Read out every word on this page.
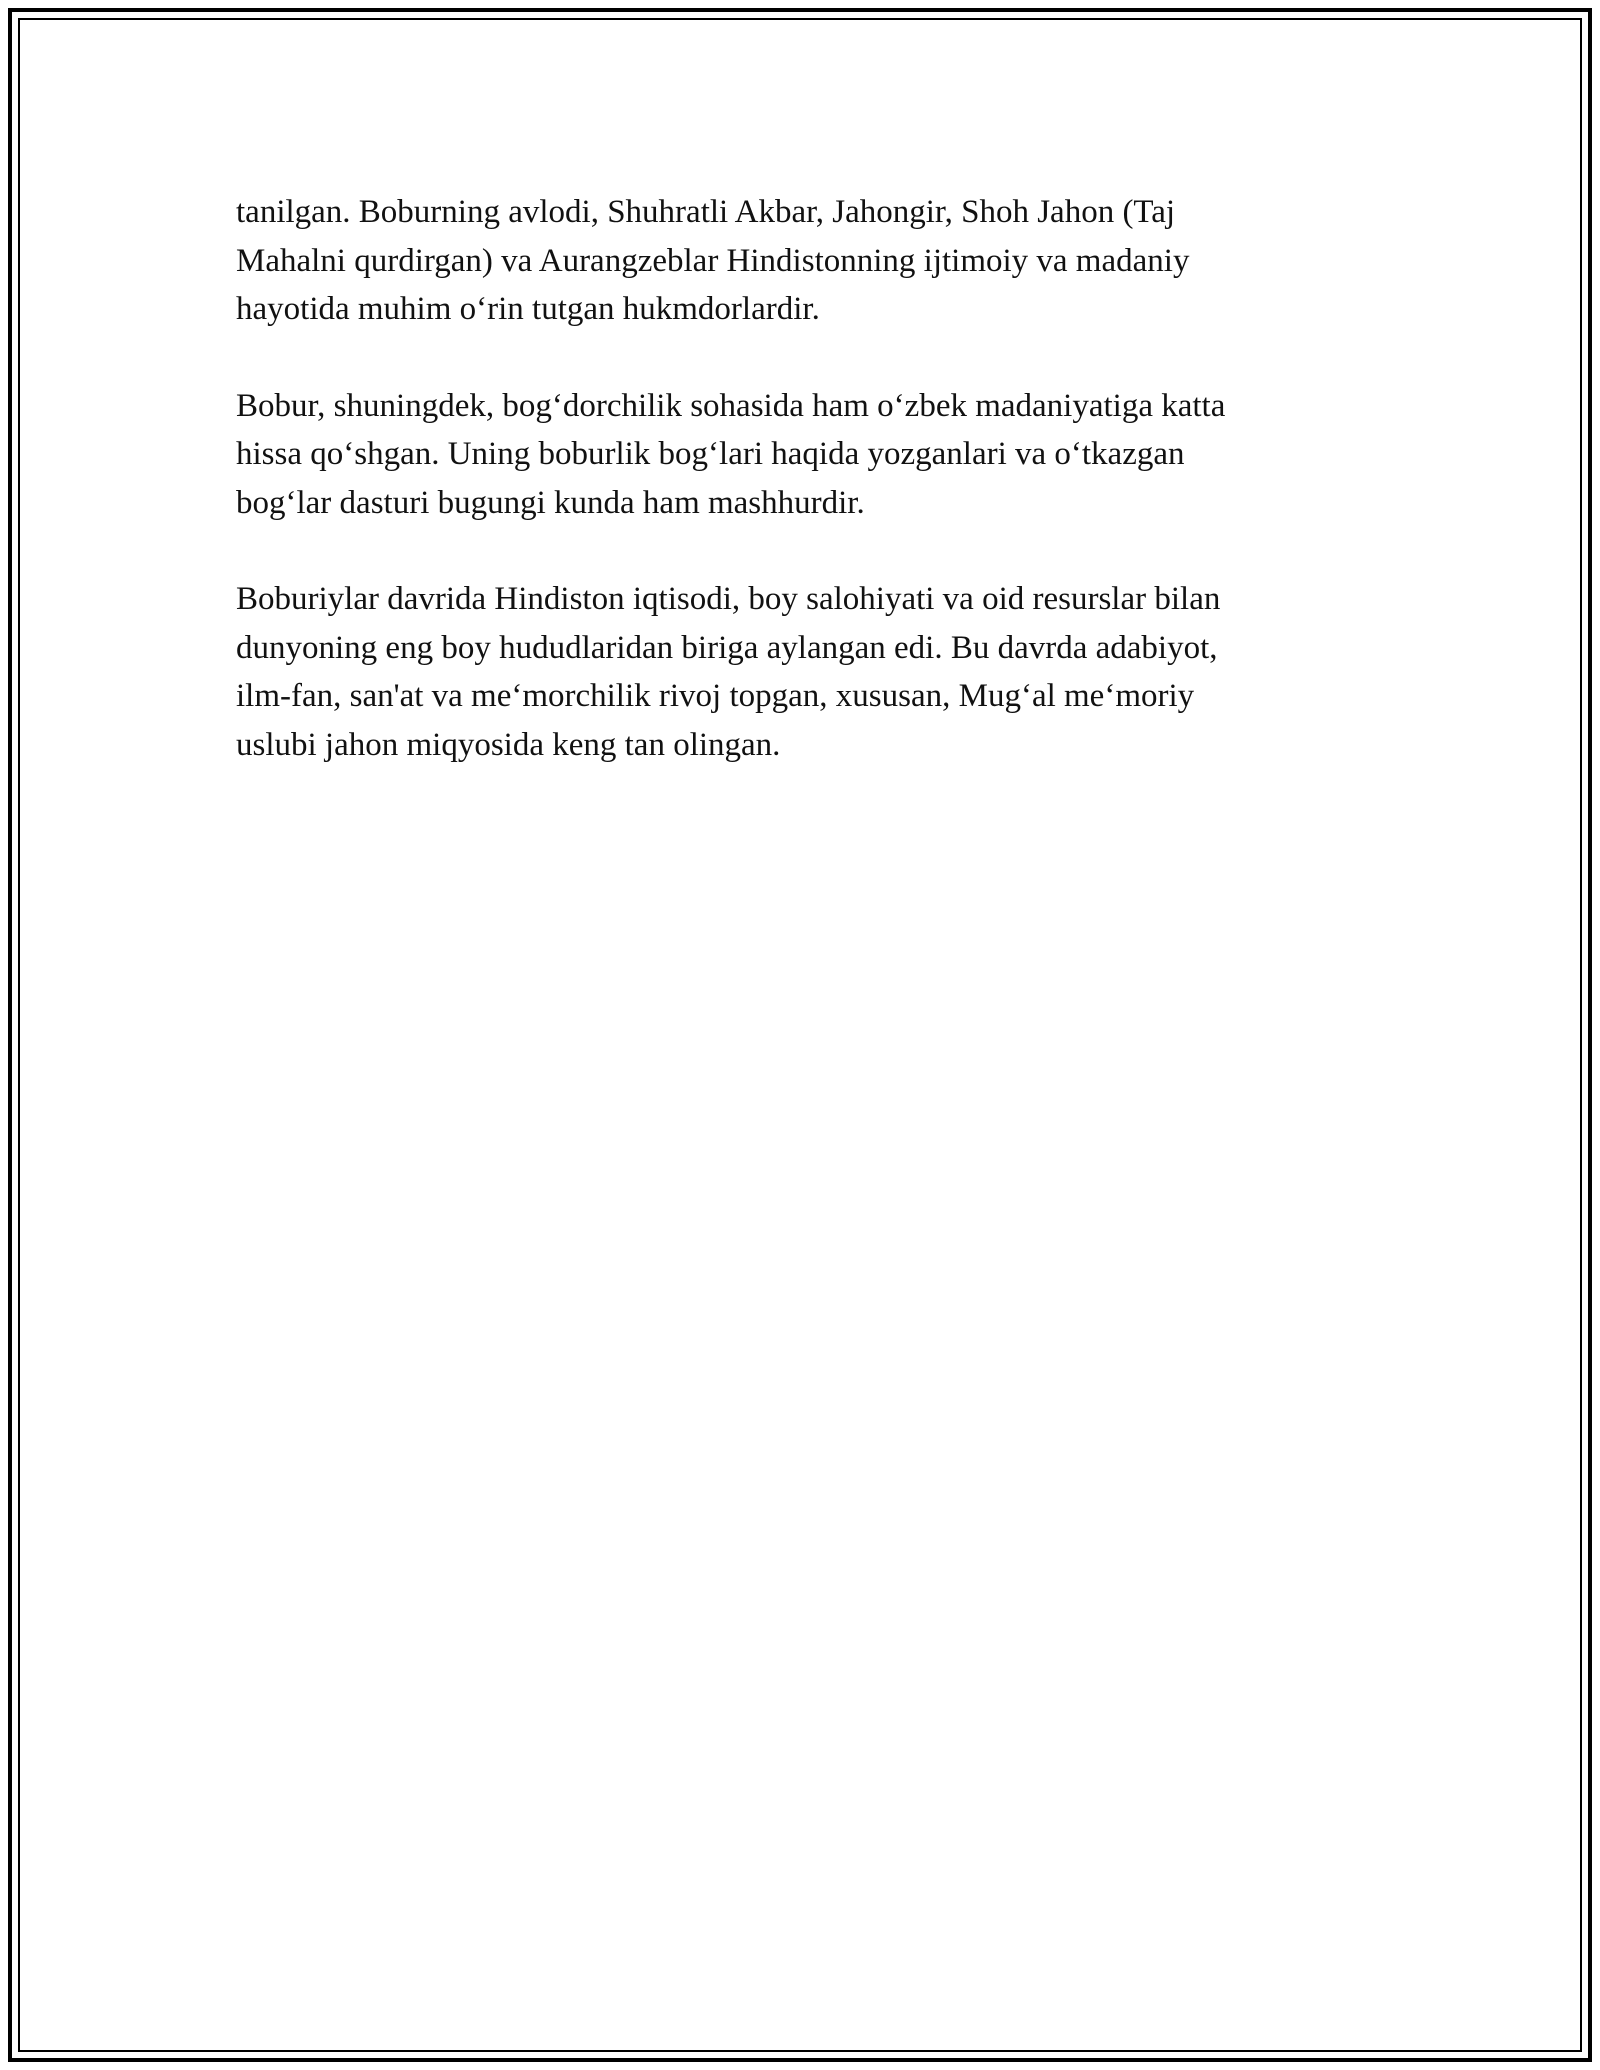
tanilgan. Boburning avlodi, Shuhratli Akbar, Jahongir, Shoh Jahon (Taj
Mahalni qurdirgan) va Aurangzeblar Hindistonning ijtimoiy va madaniy
hayotida muhim o‘rin tutgan hukmdorlardir.

Bobur, shuningdek, bog‘dorchilik sohasida ham o‘zbek madaniyatiga katta
hissa qo‘shgan. Uning boburlik bog‘lari haqida yozganlari va o‘tkazgan
bog‘lar dasturi bugungi kunda ham mashhurdir.

Boburiylar davrida Hindiston iqtisodi, boy salohiyati va oid resurslar bilan
dunyoning eng boy hududlaridan biriga aylangan edi. Bu davrda adabiyot,
ilm-fan, san'at va me‘morchilik rivoj topgan, xususan, Mug‘al me‘moriy
uslubi jahon miqyosida keng tan olingan.
